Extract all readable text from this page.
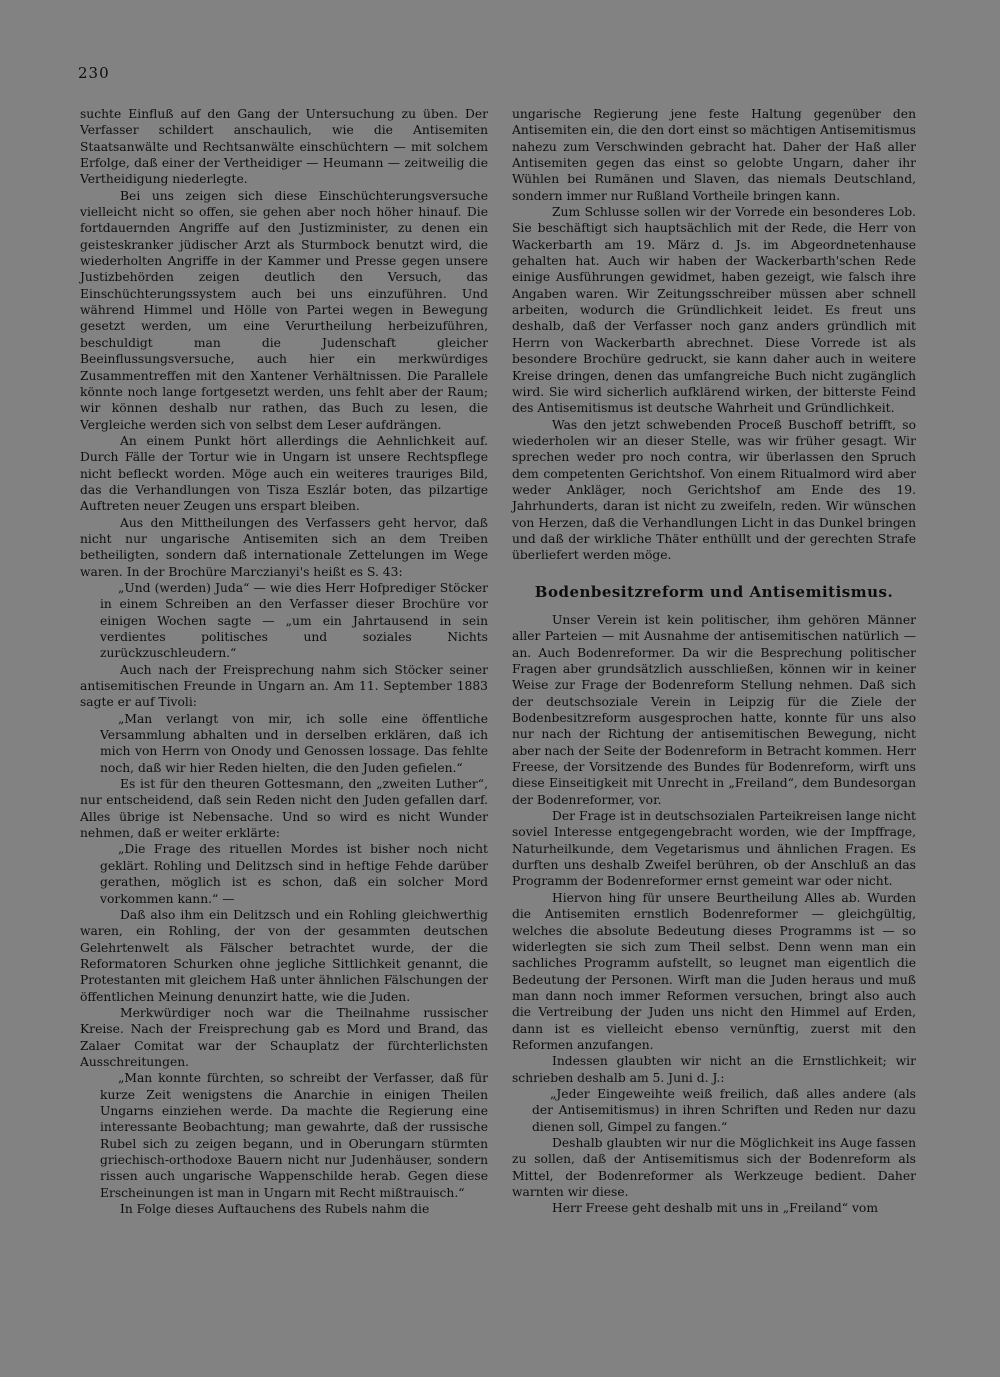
230

suchte Einfluß auf den Gang der Untersuchung zu üben. Der Verfasser schildert anschaulich, wie die Antisemiten Staatsanwälte und Rechtsanwälte einschüchtern — mit solchem Erfolge, daß einer der Vertheidiger — Heumann — zeitweilig die Vertheidigung niederlegte.

Bei uns zeigen sich diese Einschüchterungsversuche vielleicht nicht so offen, sie gehen aber noch höher hinauf. Die fortdauernden Angriffe auf den Justizminister, zu denen ein geisteskranker jüdischer Arzt als Sturmbock benutzt wird, die wiederholten Angriffe in der Kammer und Presse gegen unsere Justizbehörden zeigen deutlich den Versuch, das Einschüchterungssystem auch bei uns einzuführen. Und während Himmel und Hölle von Partei wegen in Bewegung gesetzt werden, um eine Verurtheilung herbeizuführen, beschuldigt man die Judenschaft gleicher Beeinflussungsversuche, auch hier ein merkwürdiges Zusammentreffen mit den Xantener Verhältnissen. Die Parallele könnte noch lange fortgesetzt werden, uns fehlt aber der Raum; wir können deshalb nur rathen, das Buch zu lesen, die Vergleiche werden sich von selbst dem Leser aufdrängen.

An einem Punkt hört allerdings die Aehnlichkeit auf. Durch Fälle der Tortur wie in Ungarn ist unsere Rechtspflege nicht befleckt worden. Möge auch ein weiteres trauriges Bild, das die Verhandlungen von Tisza Eszlár boten, das pilzartige Auftreten neuer Zeugen uns erspart bleiben.

Aus den Mittheilungen des Verfassers geht hervor, daß nicht nur ungarische Antisemiten sich an dem Treiben betheiligten, sondern daß internationale Zettelungen im Wege waren. In der Brochüre Marczianyi's heißt es S. 43:

„Und (werden) Juda“ — wie dies Herr Hofprediger Stöcker in einem Schreiben an den Verfasser dieser Brochüre vor einigen Wochen sagte — „um ein Jahrtausend in sein verdientes politisches und soziales Nichts zurückzuschleudern.“

Auch nach der Freisprechung nahm sich Stöcker seiner antisemitischen Freunde in Ungarn an. Am 11. September 1883 sagte er auf Tivoli:

„Man verlangt von mir, ich solle eine öffentliche Versammlung abhalten und in derselben erklären, daß ich mich von Herrn von Onody und Genossen lossage. Das fehlte noch, daß wir hier Reden hielten, die den Juden gefielen.“

Es ist für den theuren Gottesmann, den „zweiten Luther“, nur entscheidend, daß sein Reden nicht den Juden gefallen darf. Alles übrige ist Nebensache. Und so wird es nicht Wunder nehmen, daß er weiter erklärte:

„Die Frage des rituellen Mordes ist bisher noch nicht geklärt. Rohling und Delitzsch sind in heftige Fehde darüber gerathen, möglich ist es schon, daß ein solcher Mord vorkommen kann.“ —

Daß also ihm ein Delitzsch und ein Rohling gleichwerthig waren, ein Rohling, der von der gesammten deutschen Gelehrtenwelt als Fälscher betrachtet wurde, der die Reformatoren Schurken ohne jegliche Sittlichkeit genannt, die Protestanten mit gleichem Haß unter ähnlichen Fälschungen der öffentlichen Meinung denunzirt hatte, wie die Juden.

Merkwürdiger noch war die Theilnahme russischer Kreise. Nach der Freisprechung gab es Mord und Brand, das Zalaer Comitat war der Schauplatz der fürchterlichsten Ausschreitungen.

„Man konnte fürchten, so schreibt der Verfasser, daß für kurze Zeit wenigstens die Anarchie in einigen Theilen Ungarns einziehen werde. Da machte die Regierung eine interessante Beobachtung; man gewahrte, daß der russische Rubel sich zu zeigen begann, und in Oberungarn stürmten griechisch-orthodoxe Bauern nicht nur Judenhäuser, sondern rissen auch ungarische Wappenschilde herab. Gegen diese Erscheinungen ist man in Ungarn mit Recht mißtrauisch.“

In Folge dieses Auftauchens des Rubels nahm die

ungarische Regierung jene feste Haltung gegenüber den Antisemiten ein, die den dort einst so mächtigen Antisemitismus nahezu zum Verschwinden gebracht hat. Daher der Haß aller Antisemiten gegen das einst so gelobte Ungarn, daher ihr Wühlen bei Rumänen und Slaven, das niemals Deutschland, sondern immer nur Rußland Vortheile bringen kann.

Zum Schlusse sollen wir der Vorrede ein besonderes Lob. Sie beschäftigt sich hauptsächlich mit der Rede, die Herr von Wackerbarth am 19. März d. Js. im Abgeordnetenhause gehalten hat. Auch wir haben der Wackerbarth'schen Rede einige Ausführungen gewidmet, haben gezeigt, wie falsch ihre Angaben waren. Wir Zeitungsschreiber müssen aber schnell arbeiten, wodurch die Gründlichkeit leidet. Es freut uns deshalb, daß der Verfasser noch ganz anders gründlich mit Herrn von Wackerbarth abrechnet. Diese Vorrede ist als besondere Brochüre gedruckt, sie kann daher auch in weitere Kreise dringen, denen das umfangreiche Buch nicht zugänglich wird. Sie wird sicherlich aufklärend wirken, der bitterste Feind des Antisemitismus ist deutsche Wahrheit und Gründlichkeit.

Was den jetzt schwebenden Proceß Buschoff betrifft, so wiederholen wir an dieser Stelle, was wir früher gesagt. Wir sprechen weder pro noch contra, wir überlassen den Spruch dem competenten Gerichtshof. Von einem Ritualmord wird aber weder Ankläger, noch Gerichtshof am Ende des 19. Jahrhunderts, daran ist nicht zu zweifeln, reden. Wir wünschen von Herzen, daß die Verhandlungen Licht in das Dunkel bringen und daß der wirkliche Thäter enthüllt und der gerechten Strafe überliefert werden möge.

Bodenbesitzreform und Antisemitismus.

Unser Verein ist kein politischer, ihm gehören Männer aller Parteien — mit Ausnahme der antisemitischen natürlich — an. Auch Bodenreformer. Da wir die Besprechung politischer Fragen aber grundsätzlich ausschließen, können wir in keiner Weise zur Frage der Bodenreform Stellung nehmen. Daß sich der deutschsoziale Verein in Leipzig für die Ziele der Bodenbesitzreform ausgesprochen hatte, konnte für uns also nur nach der Richtung der antisemitischen Bewegung, nicht aber nach der Seite der Bodenreform in Betracht kommen. Herr Freese, der Vorsitzende des Bundes für Bodenreform, wirft uns diese Einseitigkeit mit Unrecht in „Freiland“, dem Bundesorgan der Bodenreformer, vor.

Der Frage ist in deutschsozialen Parteikreisen lange nicht soviel Interesse entgegengebracht worden, wie der Impffrage, Naturheilkunde, dem Vegetarismus und ähnlichen Fragen. Es durften uns deshalb Zweifel berühren, ob der Anschluß an das Programm der Bodenreformer ernst gemeint war oder nicht.

Hiervon hing für unsere Beurtheilung Alles ab. Wurden die Antisemiten ernstlich Bodenreformer — gleichgültig, welches die absolute Bedeutung dieses Programms ist — so widerlegten sie sich zum Theil selbst. Denn wenn man ein sachliches Programm aufstellt, so leugnet man eigentlich die Bedeutung der Personen. Wirft man die Juden heraus und muß man dann noch immer Reformen versuchen, bringt also auch die Vertreibung der Juden uns nicht den Himmel auf Erden, dann ist es vielleicht ebenso vernünftig, zuerst mit den Reformen anzufangen.

Indessen glaubten wir nicht an die Ernstlichkeit; wir schrieben deshalb am 5. Juni d. J.:

„Jeder Eingeweihte weiß freilich, daß alles andere (als der Antisemitismus) in ihren Schriften und Reden nur dazu dienen soll, Gimpel zu fangen.“

Deshalb glaubten wir nur die Möglichkeit ins Auge fassen zu sollen, daß der Antisemitismus sich der Bodenreform als Mittel, der Bodenreformer als Werkzeuge bedient. Daher warnten wir diese.

Herr Freese geht deshalb mit uns in „Freiland“ vom
